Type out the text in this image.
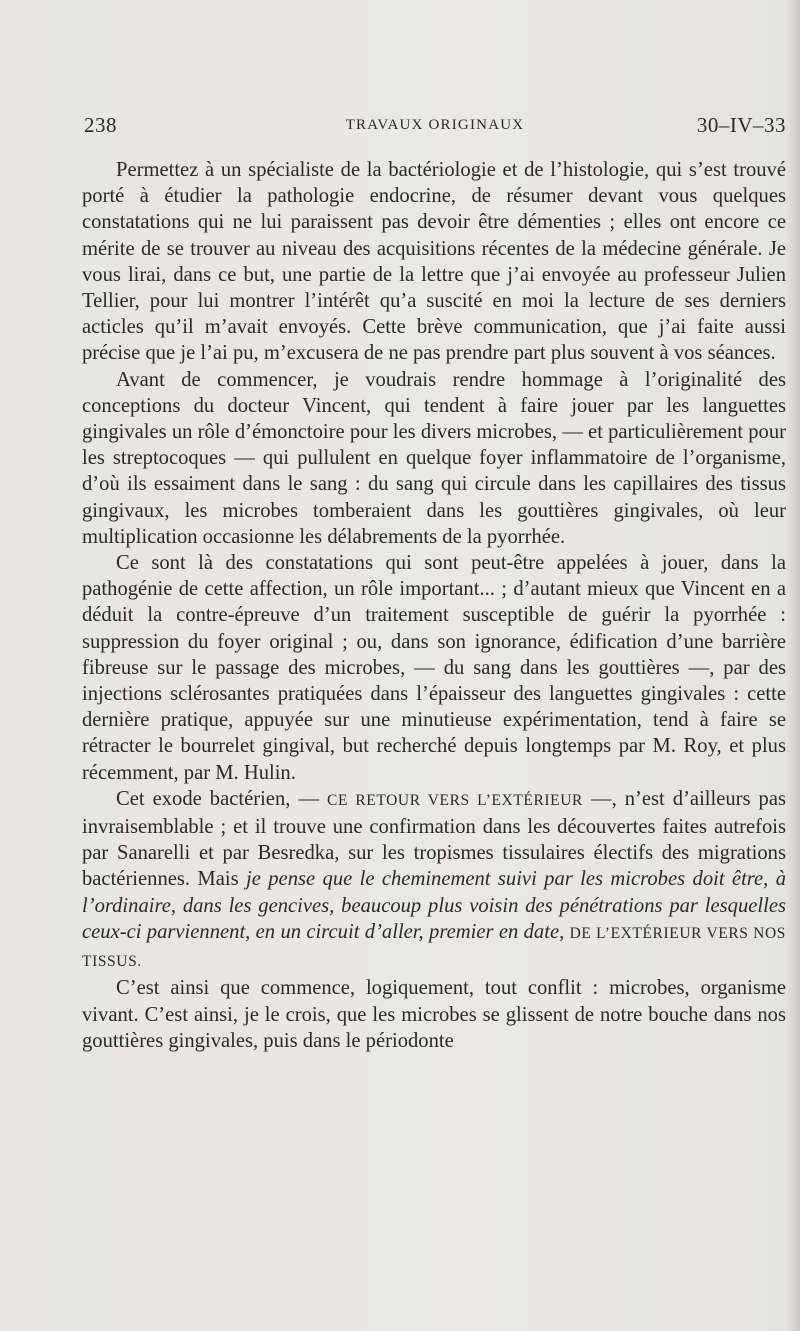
238	TRAVAUX ORIGINAUX	30–IV–33

Permettez à un spécialiste de la bactériologie et de l’histologie, qui s’est trouvé porté à étudier la pathologie endocrine, de résumer devant vous quelques constatations qui ne lui paraissent pas devoir être démenties ; elles ont encore ce mérite de se trouver au niveau des acquisitions récentes de la médecine générale. Je vous lirai, dans ce but, une partie de la lettre que j’ai envoyée au professeur Julien Tellier, pour lui montrer l’intérêt qu’a suscité en moi la lecture de ses derniers acticles qu’il m’avait envoyés. Cette brève communication, que j’ai faite aussi précise que je l’ai pu, m’excusera de ne pas prendre part plus souvent à vos séances.

Avant de commencer, je voudrais rendre hommage à l’originalité des conceptions du docteur Vincent, qui tendent à faire jouer par les languettes gingivales un rôle d’émonctoire pour les divers microbes, — et particulièrement pour les streptocoques — qui pullulent en quelque foyer inflammatoire de l’organisme, d’où ils essaiment dans le sang : du sang qui circule dans les capillaires des tissus gingivaux, les microbes tomberaient dans les gouttières gingivales, où leur multiplication occasionne les délabrements de la pyorrhée.

Ce sont là des constatations qui sont peut-être appelées à jouer, dans la pathogénie de cette affection, un rôle important... ; d’autant mieux que Vincent en a déduit la contre-épreuve d’un traitement susceptible de guérir la pyorrhée : suppression du foyer original ; ou, dans son ignorance, édification d’une barrière fibreuse sur le passage des microbes, — du sang dans les gouttières —, par des injections sclérosantes pratiquées dans l’épaisseur des languettes gingivales : cette dernière pratique, appuyée sur une minutieuse expérimentation, tend à faire se rétracter le bourrelet gingival, but recherché depuis longtemps par M. Roy, et plus récemment, par M. Hulin.

Cet exode bactérien, — CE RETOUR VERS L’EXTÉRIEUR —, n’est d’ailleurs pas invraisemblable ; et il trouve une confirmation dans les découvertes faites autrefois par Sanarelli et par Besredka, sur les tropismes tissulaires électifs des migrations bactériennes. Mais je pense que le cheminement suivi par les microbes doit être, à l’ordinaire, dans les gencives, beaucoup plus voisin des pénétrations par lesquelles ceux-ci parviennent, en un circuit d’aller, premier en date, DE L’EXTÉRIEUR VERS NOS TISSUS.

C’est ainsi que commence, logiquement, tout conflit : microbes, organisme vivant. C’est ainsi, je le crois, que les microbes se glissent de notre bouche dans nos gouttières gingivales, puis dans le périodonte
